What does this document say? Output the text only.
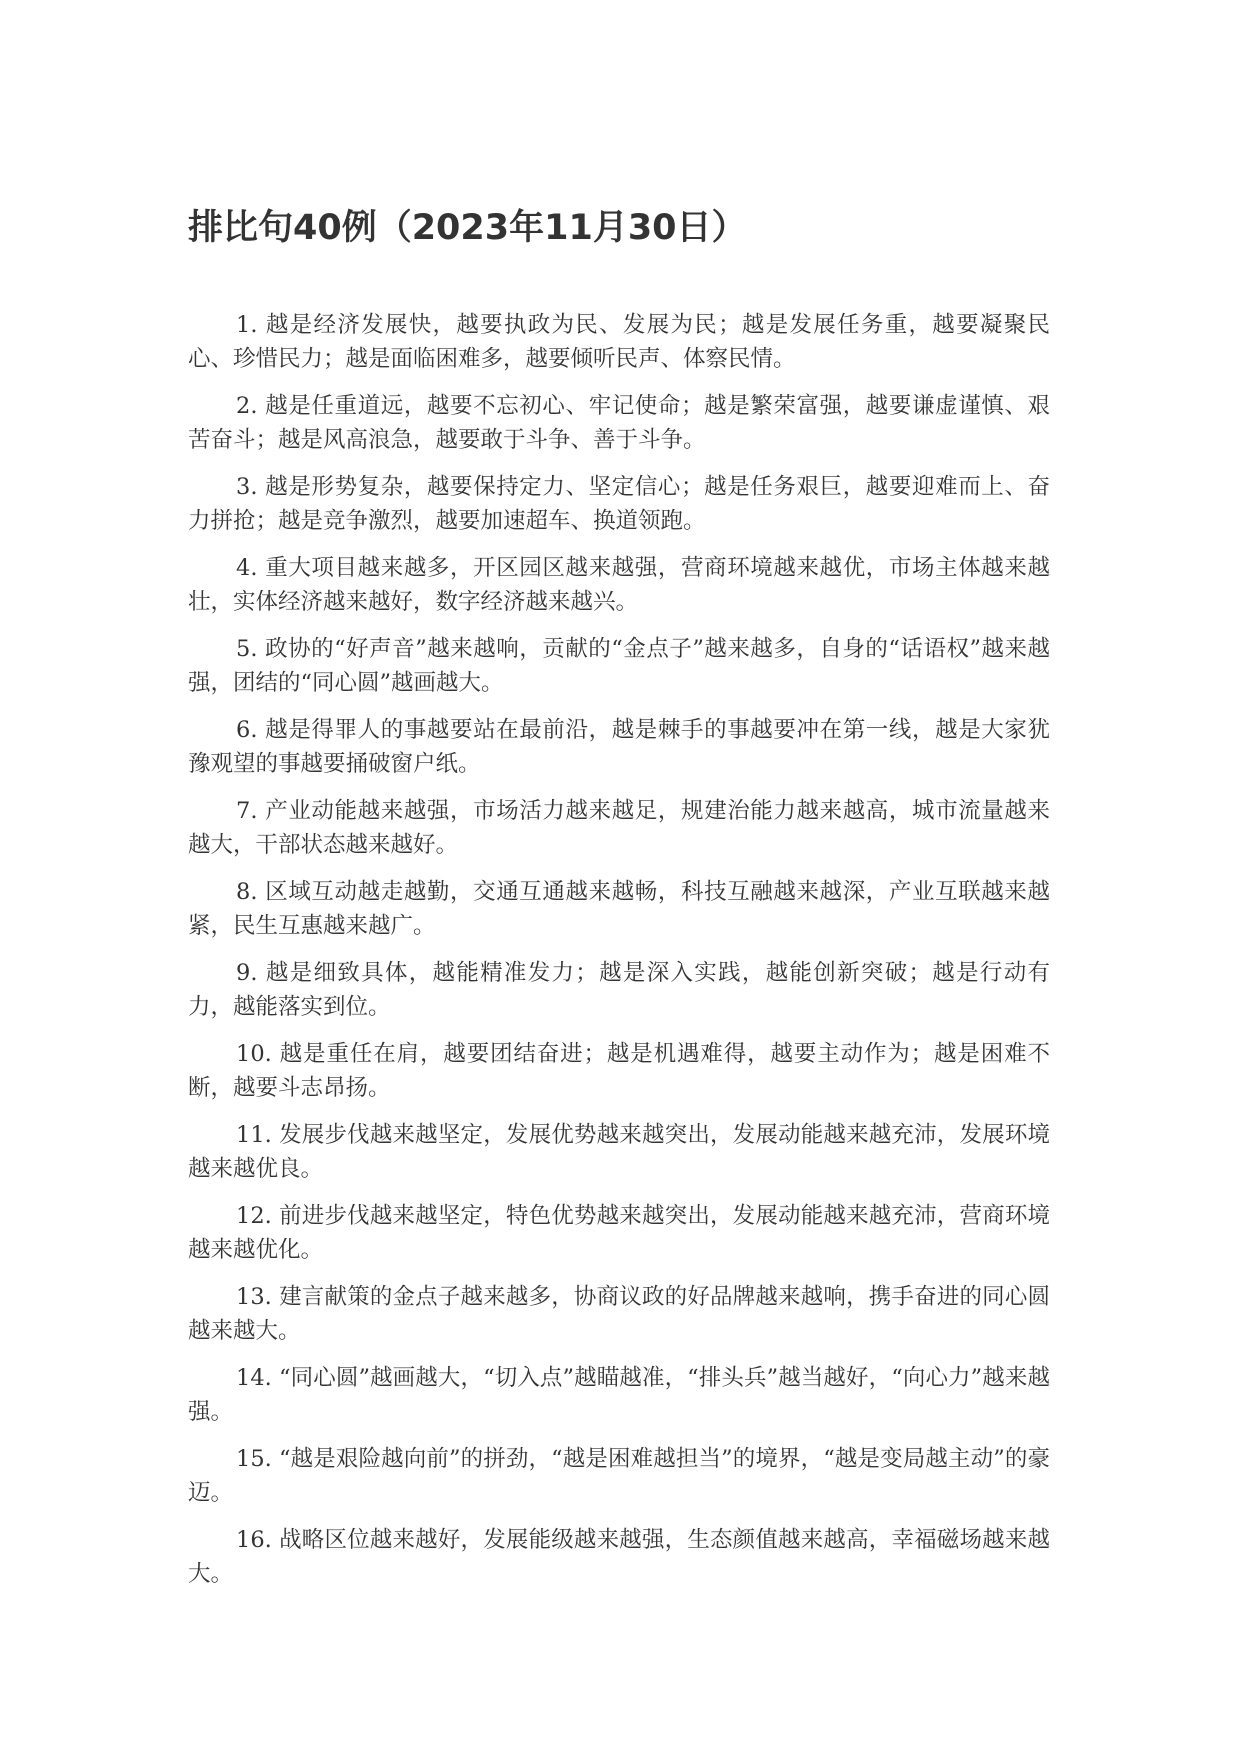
排比句40例（2023年11月30日）

1. 越是经济发展快，越要执政为民、发展为民；越是发展任务重，越要凝聚民心、珍惜民力；越是面临困难多，越要倾听民声、体察民情。

2. 越是任重道远，越要不忘初心、牢记使命；越是繁荣富强，越要谦虚谨慎、艰苦奋斗；越是风高浪急，越要敢于斗争、善于斗争。

3. 越是形势复杂，越要保持定力、坚定信心；越是任务艰巨，越要迎难而上、奋力拼抢；越是竞争激烈，越要加速超车、换道领跑。

4. 重大项目越来越多，开区园区越来越强，营商环境越来越优，市场主体越来越壮，实体经济越来越好，数字经济越来越兴。

5. 政协的“好声音”越来越响，贡献的“金点子”越来越多，自身的“话语权”越来越强，团结的“同心圆”越画越大。

6. 越是得罪人的事越要站在最前沿，越是棘手的事越要冲在第一线，越是大家犹豫观望的事越要捅破窗户纸。

7. 产业动能越来越强，市场活力越来越足，规建治能力越来越高，城市流量越来越大，干部状态越来越好。

8. 区域互动越走越勤，交通互通越来越畅，科技互融越来越深，产业互联越来越紧，民生互惠越来越广。

9. 越是细致具体，越能精准发力；越是深入实践，越能创新突破；越是行动有力，越能落实到位。

10. 越是重任在肩，越要团结奋进；越是机遇难得，越要主动作为；越是困难不断，越要斗志昂扬。

11. 发展步伐越来越坚定，发展优势越来越突出，发展动能越来越充沛，发展环境越来越优良。

12. 前进步伐越来越坚定，特色优势越来越突出，发展动能越来越充沛，营商环境越来越优化。

13. 建言献策的金点子越来越多，协商议政的好品牌越来越响，携手奋进的同心圆越来越大。

14. “同心圆”越画越大，“切入点”越瞄越准，“排头兵”越当越好，“向心力”越来越强。

15. “越是艰险越向前”的拼劲，“越是困难越担当”的境界，“越是变局越主动”的豪迈。

16. 战略区位越来越好，发展能级越来越强，生态颜值越来越高，幸福磁场越来越大。
